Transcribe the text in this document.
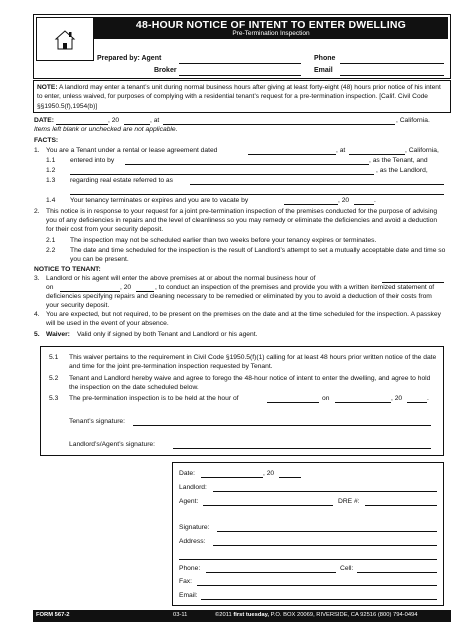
48-HOUR NOTICE OF INTENT TO ENTER DWELLING
Pre-Termination Inspection
Prepared by: Agent
Broker
Phone
Email
NOTE: A landlord may enter a tenant’s unit during normal business hours after giving at least forty-eight (48) hours prior notice of his intent to enter, unless waived, for purposes of complying with a residential tenant’s request for a pre-termination inspection. [Calif. Civil Code §§1950.5(f),1954(b)]
DATE:	, 20	, at	, California.
Items left blank or unchecked are not applicable.
FACTS:
1. You are a Tenant under a rental or lease agreement dated	, at	, California,
1.1 entered into by	, as the Tenant, and
1.2	, as the Landlord,
1.3 regarding real estate referred to as
1.4 Your tenancy terminates or expires and you are to vacate by	, 20	.
2. This notice is in response to your request for a joint pre-termination inspection of the premises conducted for the purpose of advising you of any deficiencies in repairs and the level of cleanliness so you may remedy or eliminate the deficiencies and avoid a deduction for their cost from your security deposit.
2.1 The inspection may not be scheduled earlier than two weeks before your tenancy expires or terminates.
2.2 The date and time scheduled for the inspection is the result of Landlord’s attempt to set a mutually acceptable date and time so you can be present.
NOTICE TO TENANT:
3. Landlord or his agent will enter the above premises at or about the normal business hour of
on	, 20	, to conduct an inspection of the premises and provide you with a written itemized statement of deficiencies specifying repairs and cleaning necessary to be remedied or eliminated by you to avoid a deduction of their costs from your security deposit.
4. You are expected, but not required, to be present on the premises on the date and at the time scheduled for the inspection. A passkey will be used in the event of your absence.
5. Waiver: Valid only if signed by both Tenant and Landlord or his agent.
5.1 This waiver pertains to the requirement in Civil Code §1950.5(f)(1) calling for at least 48 hours prior written notice of the date and time for the joint pre-termination inspection requested by Tenant.
5.2 Tenant and Landlord hereby waive and agree to forego the 48-hour notice of intent to enter the dwelling, and agree to hold the inspection on the date scheduled below.
5.3 The pre-termination inspection is to be held at the hour of	on	, 20	.
Tenant’s signature:
Landlord’s/Agent’s signature:
Date:	, 20
Landlord:
Agent:	DRE #:
Signature:
Address:
Phone:	Cell:
Fax:
Email:
FORM 567-2	03-11	©2011 first tuesday, P.O. BOX 20069, RIVERSIDE, CA 92516 (800) 794-0494
